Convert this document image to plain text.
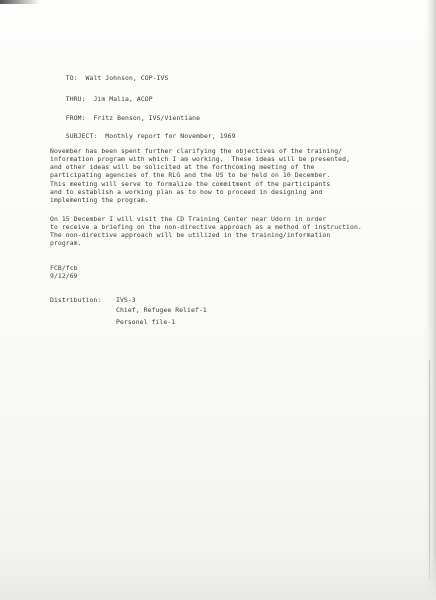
TO: Walt Johnson, COP-IVS

THRU: Jim Malia, ACOP

FROM: Fritz Benson, IVS/Vientiane

SUBJECT: Monthly report for November, 1969

November has been spent further clarifying the objectives of the training/
information program with which I am working.  These ideas will be presented,
and other ideas will be solicited at the forthcoming meeting of the
participating agencies of the RLG and the US to be held on 10 December.
This meeting will serve to formalize the commitment of the participants
and to establish a working plan as to how to proceed in designing and
implementing the program.
On 15 December I will visit the CD Training Center near Udorn in order
to receive a briefing on the non-directive approach as a method of instruction.
The non-directive approach will be utilized in the training/information
program.
FCB/fcb
9/12/69
Distribution: IVS-3
Chief, Refugee Relief-1
Personel file-1
